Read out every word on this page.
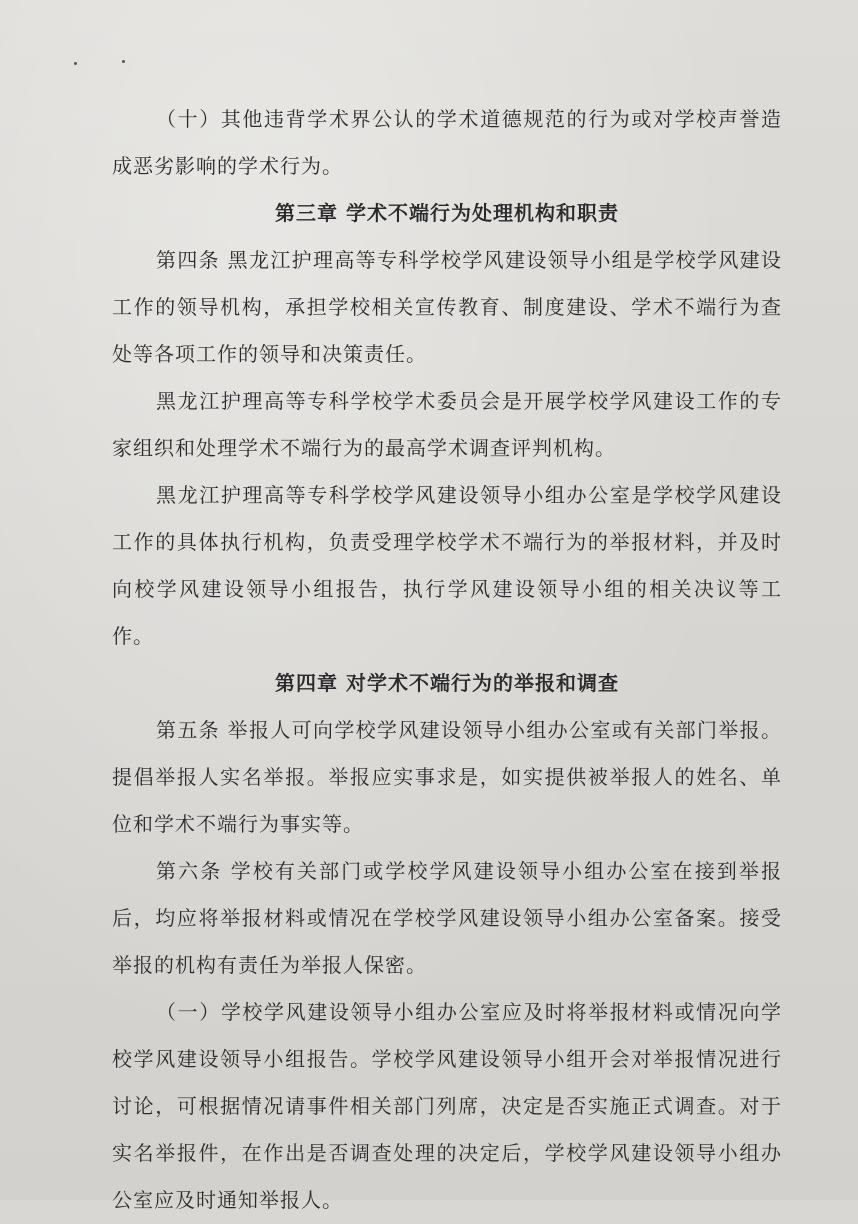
（十）其他违背学术界公认的学术道德规范的行为或对学校声誉造成恶劣影响的学术行为。

第三章 学术不端行为处理机构和职责

第四条 黑龙江护理高等专科学校学风建设领导小组是学校学风建设工作的领导机构，承担学校相关宣传教育、制度建设、学术不端行为查处等各项工作的领导和决策责任。

黑龙江护理高等专科学校学术委员会是开展学校学风建设工作的专家组织和处理学术不端行为的最高学术调查评判机构。

黑龙江护理高等专科学校学风建设领导小组办公室是学校学风建设工作的具体执行机构，负责受理学校学术不端行为的举报材料，并及时向校学风建设领导小组报告，执行学风建设领导小组的相关决议等工作。

第四章 对学术不端行为的举报和调查

第五条 举报人可向学校学风建设领导小组办公室或有关部门举报。提倡举报人实名举报。举报应实事求是，如实提供被举报人的姓名、单位和学术不端行为事实等。

第六条 学校有关部门或学校学风建设领导小组办公室在接到举报后，均应将举报材料或情况在学校学风建设领导小组办公室备案。接受举报的机构有责任为举报人保密。

（一）学校学风建设领导小组办公室应及时将举报材料或情况向学校学风建设领导小组报告。学校学风建设领导小组开会对举报情况进行讨论，可根据情况请事件相关部门列席，决定是否实施正式调查。对于实名举报件，在作出是否调查处理的决定后，学校学风建设领导小组办公室应及时通知举报人。
